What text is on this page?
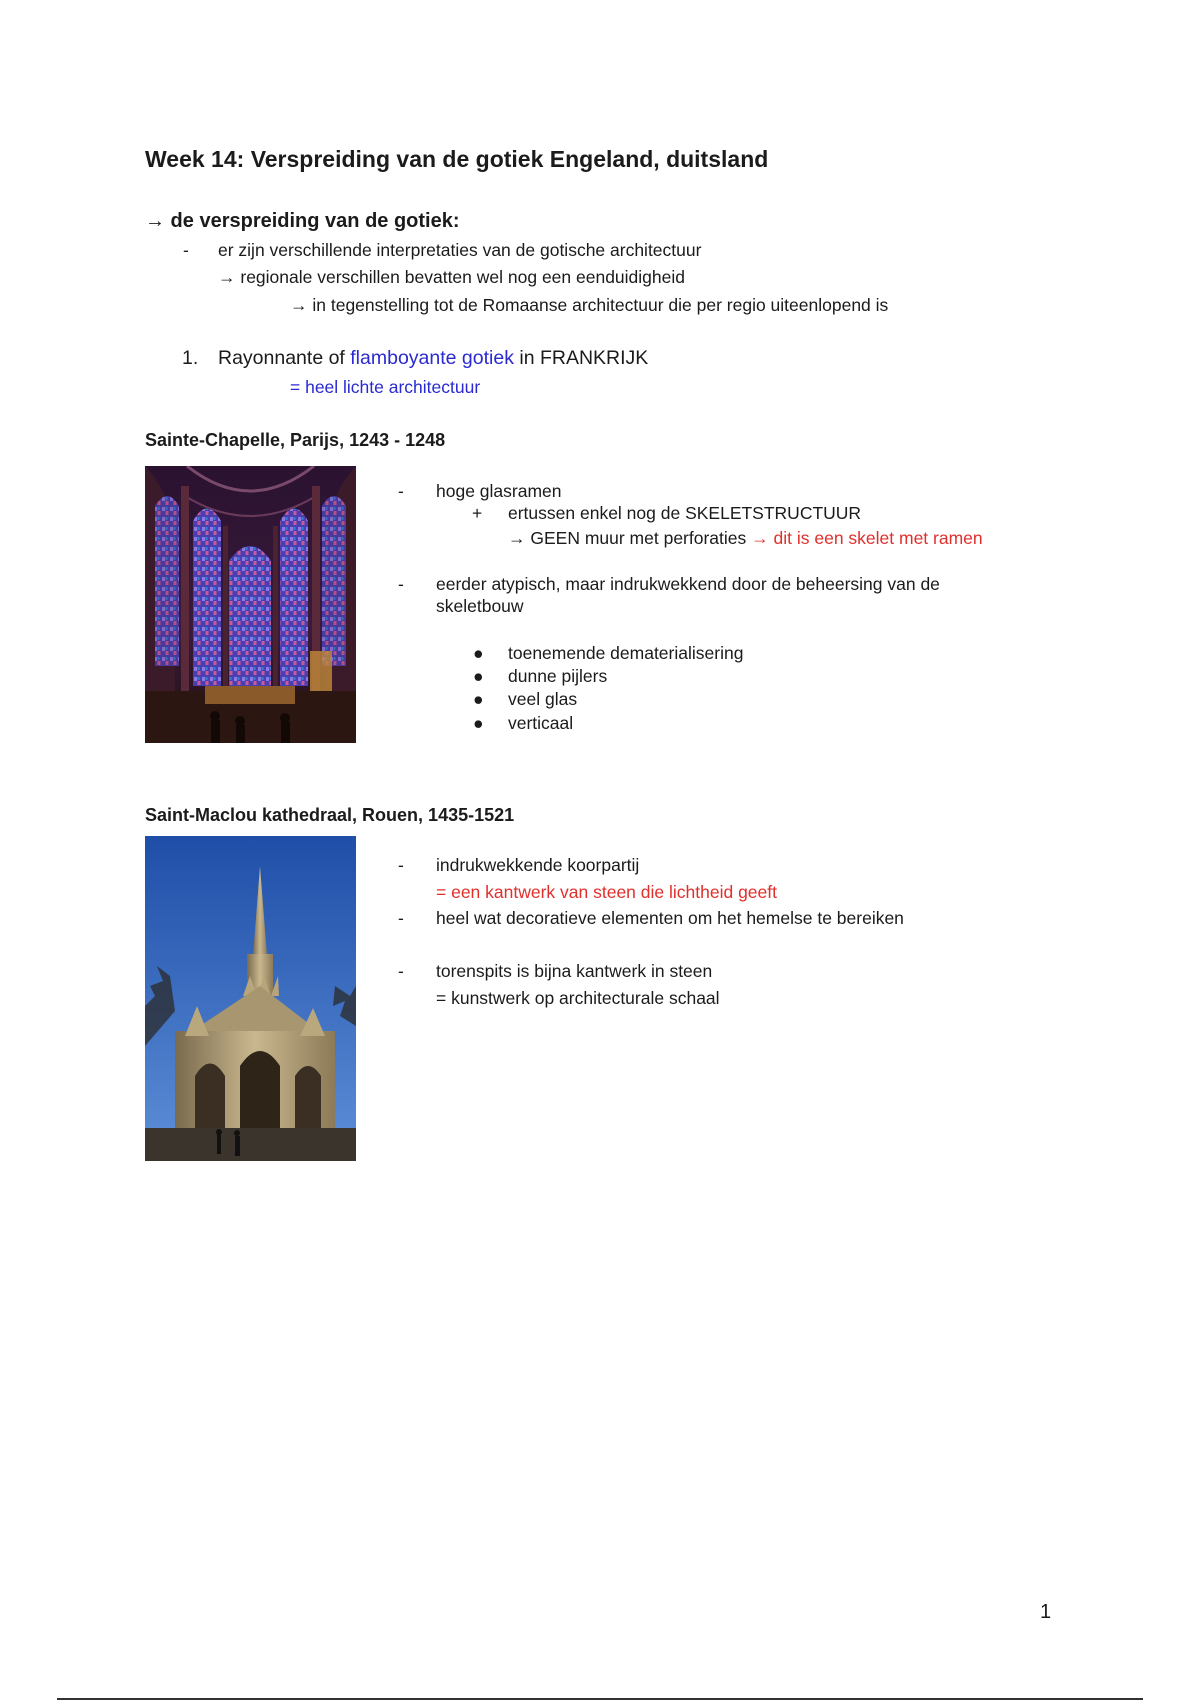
Week 14: Verspreiding van de gotiek Engeland, duitsland
→ de verspreiding van de gotiek:
- er zijn verschillende interpretaties van de gotische architectuur
→ regionale verschillen bevatten wel nog een eenduidigheid
→ in tegenstelling tot de Romaanse architectuur die per regio uiteenlopend is
1. Rayonnante of flamboyante gotiek in FRANKRIJK
= heel lichte architectuur
Sainte-Chapelle, Parijs, 1243 - 1248
- hoge glasramen
+ ertussen enkel nog de SKELETSTRUCTUUR
→ GEEN muur met perforaties → dit is een skelet met ramen
- eerder atypisch, maar indrukwekkend door de beheersing van de
skeletbouw
● toenemende dematerialisering
● dunne pijlers
● veel glas
● verticaal
Saint-Maclou kathedraal, Rouen, 1435-1521
- indrukwekkende koorpartij
= een kantwerk van steen die lichtheid geeft
- heel wat decoratieve elementen om het hemelse te bereiken
- torenspits is bijna kantwerk in steen
= kunstwerk op architecturale schaal
1
